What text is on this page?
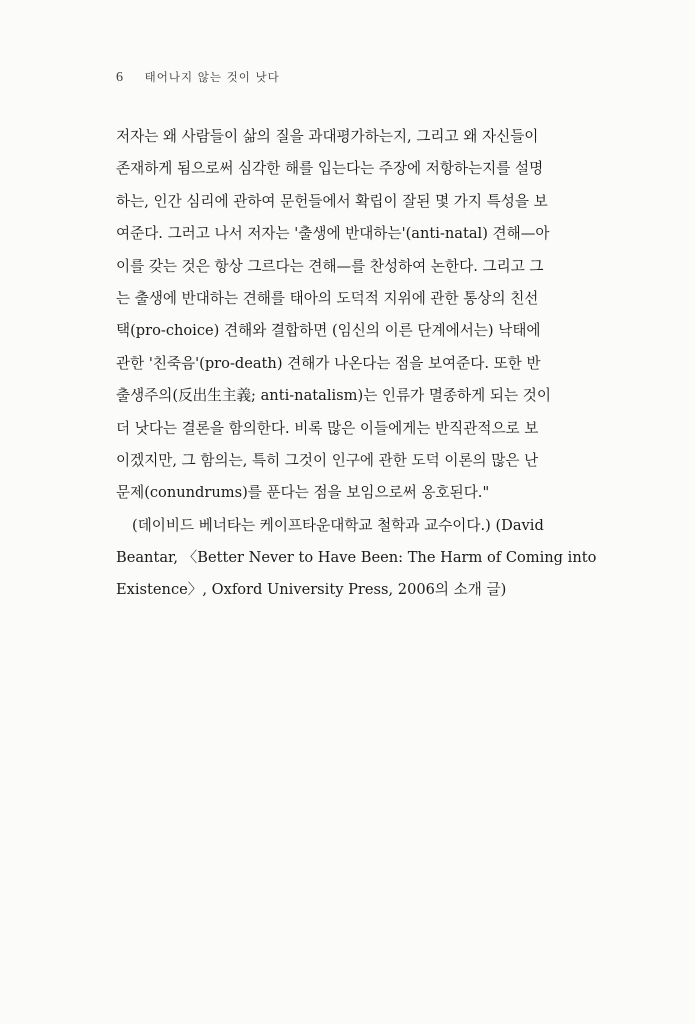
6 태어나지 않는 것이 낫다
저자는 왜 사람들이 삶의 질을 과대평가하는지, 그리고 왜 자신들이
존재하게 됨으로써 심각한 해를 입는다는 주장에 저항하는지를 설명
하는, 인간 심리에 관하여 문헌들에서 확립이 잘된 몇 가지 특성을 보
여준다. 그러고 나서 저자는 '출생에 반대하는'(anti-natal) 견해—아
이를 갖는 것은 항상 그르다는 견해—를 찬성하여 논한다. 그리고 그
는 출생에 반대하는 견해를 태아의 도덕적 지위에 관한 통상의 친선
택(pro-choice) 견해와 결합하면 (임신의 이른 단계에서는) 낙태에
관한 '친죽음'(pro-death) 견해가 나온다는 점을 보여준다. 또한 반
출생주의(反出生主義; anti-natalism)는 인류가 멸종하게 되는 것이
더 낫다는 결론을 함의한다. 비록 많은 이들에게는 반직관적으로 보
이겠지만, 그 함의는, 특히 그것이 인구에 관한 도덕 이론의 많은 난
문제(conundrums)를 푼다는 점을 보임으로써 옹호된다."
(데이비드 베너타는 케이프타운대학교 철학과 교수이다.) (David
Beantar, 〈Better Never to Have Been: The Harm of Coming into
Existence〉, Oxford University Press, 2006의 소개 글)
